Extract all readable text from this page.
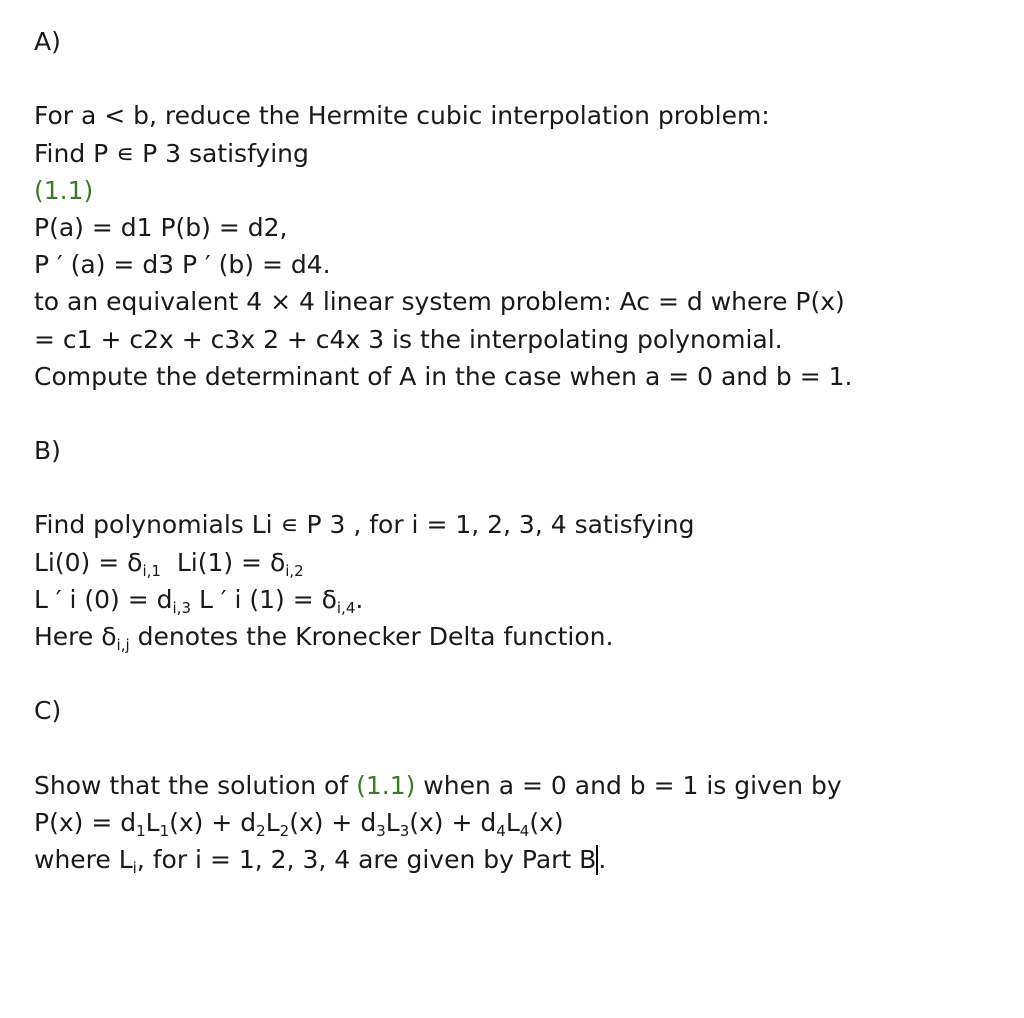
A)
For a < b, reduce the Hermite cubic interpolation problem:
Find P ∊ P 3 satisfying
(1.1)
P(a) = d1 P(b) = d2,
P ′ (a) = d3 P ′ (b) = d4.
to an equivalent 4 × 4 linear system problem: Ac = d where P(x)
= c1 + c2x + c3x 2 + c4x 3 is the interpolating polynomial.
Compute the determinant of A in the case when a = 0 and b = 1.
B)
Find polynomials Li ∊ P 3 , for i = 1, 2, 3, 4 satisfying
$Li(0) = \delta_{i,1}$  $Li(1) = \delta_{i,2}$
L ′ i $(0) = d_{i,3}$ L ′ i $(1) = \delta_{i,4}$.
Here $\delta_{i,j}$ denotes the Kronecker Delta function.
C)
Show that the solution of (1.1) when a = 0 and b = 1 is given by
$P(x) = d_1L_1(x) + d_2L_2(x) + d_3L_3(x) + d_4L_4(x)$
where $L_i$, for i = 1, 2, 3, 4 are given by Part B.
